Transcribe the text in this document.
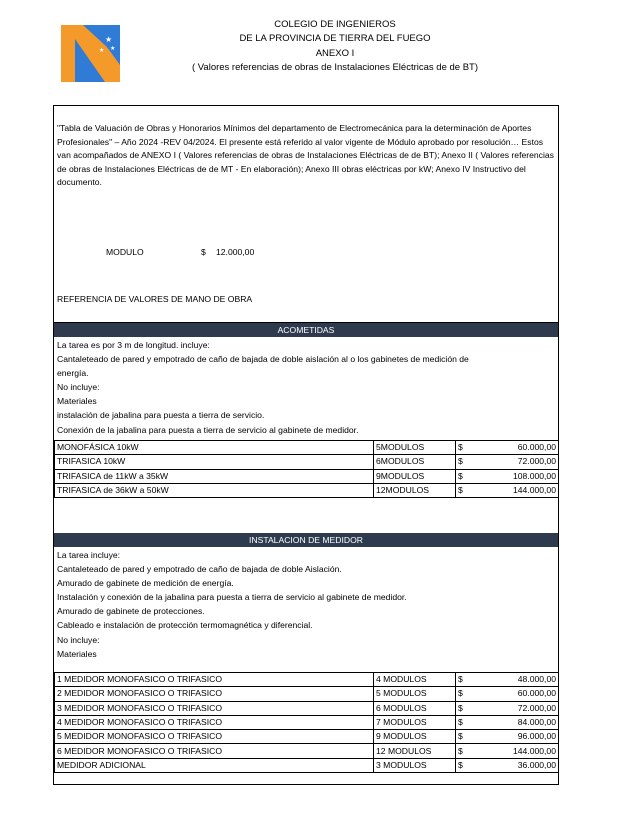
★
★
★
COLEGIO DE INGENIEROS
DE LA PROVINCIA DE TIERRA DEL FUEGO
ANEXO I
( Valores referencias de obras de Instalaciones Eléctricas de de BT)
"Tabla de Valuación de Obras y Honorarios Mínimos del departamento de Electromecánica para la determinación de Aportes Profesionales" – Año 2024 -REV 04/2024. El presente está referido al valor vigente de Módulo aprobado por resolución… Estos van acompañados de ANEXO I ( Valores referencias de obras de Instalaciones Eléctricas de de BT); Anexo II ( Valores referencias de obras de Instalaciones Eléctricas de de MT - En elaboración); Anexo III obras eléctricas por kW; Anexo IV Instructivo del documento.
MODULO	$ 12.000,00
REFERENCIA DE VALORES DE MANO DE OBRA
ACOMETIDAS
La tarea es por 3 m de longitud. incluye:
Cantaleteado de pared y empotrado de caño de bajada de doble aislación al o los gabinetes de medición de
energía.
No incluye:
Materiales
instalación de jabalina para puesta a tierra de servicio.
Conexión de la jabalina para puesta a tierra de servicio al gabinete de medidor.
MONOFÁSICA 10kW	5MODULOS	$	60.000,00
TRIFASICA 10kW	6MODULOS	$	72.000,00
TRIFASICA de 11kW a 35kW	9MODULOS	$	108.000,00
TRIFASICA de 36kW a 50kW	12MODULOS	$	144.000,00
INSTALACION DE MEDIDOR
La tarea incluye:
Cantaleteado de pared y empotrado de caño de bajada de doble Aislación.
Amurado de gabinete de medición de energía.
Instalación y conexión de la jabalina para puesta a tierra de servicio al gabinete de medidor.
Amurado de gabinete de protecciones.
Cableado e instalación de protección termomagnética y diferencial.
No incluye:
Materiales
1 MEDIDOR MONOFASICO O TRIFASICO	4 MODULOS	$	48.000,00
2 MEDIDOR MONOFASICO O TRIFASICO	5 MODULOS	$	60.000,00
3 MEDIDOR MONOFASICO O TRIFASICO	6 MODULOS	$	72.000,00
4 MEDIDOR MONOFASICO O TRIFASICO	7 MODULOS	$	84.000,00
5 MEDIDOR MONOFASICO O TRIFASICO	9 MODULOS	$	96.000,00
6 MEDIDOR MONOFASICO O TRIFASICO	12 MODULOS	$	144.000,00
MEDIDOR ADICIONAL	3 MODULOS	$	36.000,00
